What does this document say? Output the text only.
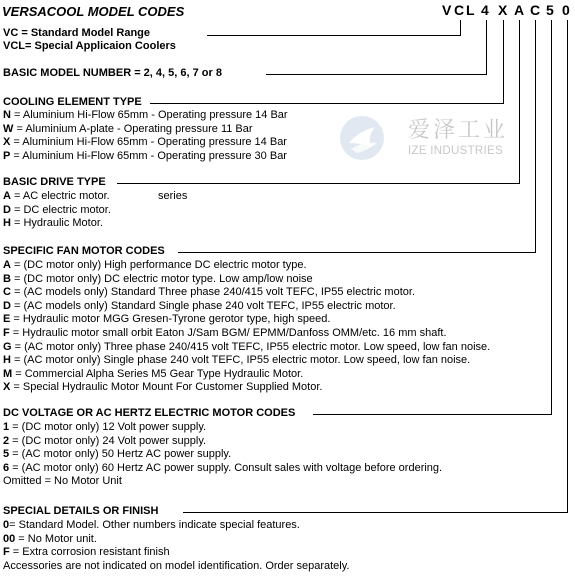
VERSACOOL MODEL CODES	V C L 4 X A C 5 0
VC = Standard Model Range
VCL= Special Applicaion Coolers
BASIC MODEL NUMBER = 2, 4, 5, 6, 7 or 8
COOLING ELEMENT TYPE
N = Aluminium Hi-Flow 65mm - Operating pressure 14 Bar
W = Aluminium A-plate - Operating pressure 11 Bar
X = Aluminium Hi-Flow 65mm - Operating pressure 14 Bar
P = Aluminium Hi-Flow 65mm - Operating pressure 30 Bar
爱泽工业
IZE INDUSTRIES
BASIC DRIVE TYPE
A = AC electric motor.
D = DC electric motor.
H = Hydraulic Motor.
series
SPECIFIC FAN MOTOR CODES
A = (DC motor only) High performance DC electric motor type.
B = (DC motor only) DC electric motor type. Low amp/low noise
C = (AC models only) Standard Three phase 240/415 volt TEFC, IP55 electric motor.
D = (AC models only) Standard Single phase 240 volt TEFC, IP55 electric motor.
E = Hydraulic motor MGG Gresen-Tyrone gerotor type, high speed.
F = Hydraulic motor small orbit Eaton J/Sam BGM/ EPMM/Danfoss OMM/etc. 16 mm shaft.
G = (AC motor only) Three phase 240/415 volt TEFC, IP55 electric motor. Low speed, low fan noise.
H = (AC motor only) Single phase 240 volt TEFC, IP55 electric motor. Low speed, low fan noise.
M = Commercial Alpha Series M5 Gear Type Hydraulic Motor.
X = Special Hydraulic Motor Mount For Customer Supplied Motor.
DC VOLTAGE OR AC HERTZ ELECTRIC MOTOR CODES
1 = (DC motor only) 12 Volt power supply.
2 = (DC motor only) 24 Volt power supply.
5 = (AC motor only) 50 Hertz AC power supply.
6 = (AC motor only) 60 Hertz AC power supply. Consult sales with voltage before ordering.
Omitted = No Motor Unit
SPECIAL DETAILS OR FINISH
0= Standard Model. Other numbers indicate special features.
00 = No Motor unit.
F = Extra corrosion resistant finish
Accessories are not indicated on model identification. Order separately.
